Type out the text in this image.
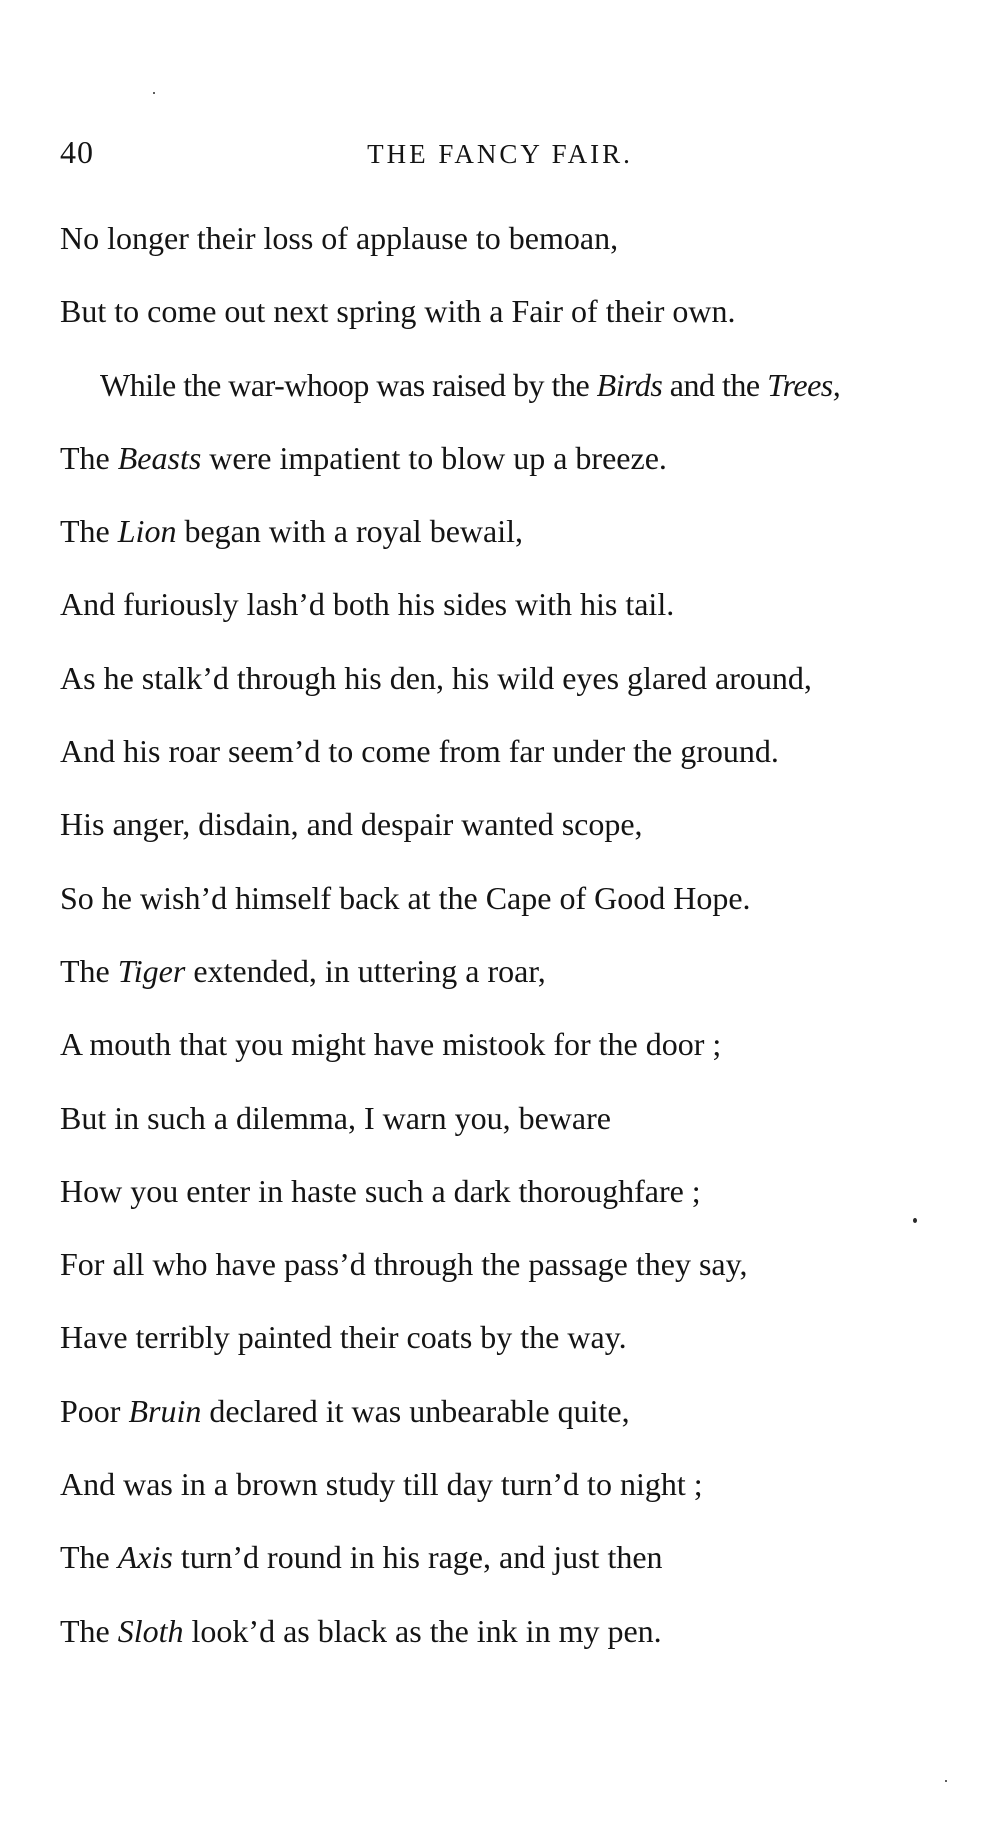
40	THE FANCY FAIR.
No longer their loss of applause to bemoan,
But to come out next spring with a Fair of their own.
While the war-whoop was raised by the Birds and the Trees,
The Beasts were impatient to blow up a breeze.
The Lion began with a royal bewail,
And furiously lash’d both his sides with his tail.
As he stalk’d through his den, his wild eyes glared around,
And his roar seem’d to come from far under the ground.
His anger, disdain, and despair wanted scope,
So he wish’d himself back at the Cape of Good Hope.
The Tiger extended, in uttering a roar,
A mouth that you might have mistook for the door ;
But in such a dilemma, I warn you, beware
How you enter in haste such a dark thoroughfare ;
For all who have pass’d through the passage they say,
Have terribly painted their coats by the way.
Poor Bruin declared it was unbearable quite,
And was in a brown study till day turn’d to night ;
The Axis turn’d round in his rage, and just then
The Sloth look’d as black as the ink in my pen.
